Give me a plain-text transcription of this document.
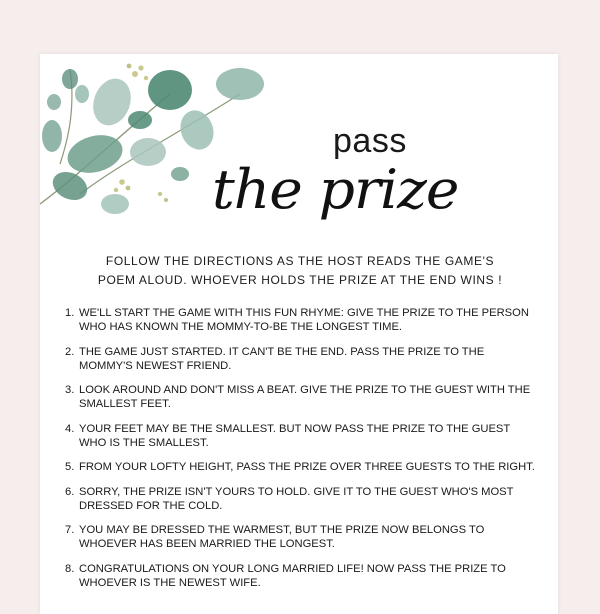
pass
the prize

FOLLOW THE DIRECTIONS AS THE HOST READS THE GAME'S

POEM ALOUD. WHOEVER HOLDS THE PRIZE AT THE END WINS !

1. WE'LL START THE GAME WITH THIS FUN RHYME: GIVE THE PRIZE TO THE PERSON WHO HAS KNOWN THE MOMMY-TO-BE THE LONGEST TIME.
2. THE GAME JUST STARTED. IT CAN'T BE THE END. PASS THE PRIZE TO THE MOMMY'S NEWEST FRIEND.
3. LOOK AROUND AND DON'T MISS A BEAT. GIVE THE PRIZE TO THE GUEST WITH THE SMALLEST FEET.
4. YOUR FEET MAY BE THE SMALLEST. BUT NOW PASS THE PRIZE TO THE GUEST WHO IS THE SMALLEST.
5. FROM YOUR LOFTY HEIGHT, PASS THE PRIZE OVER THREE GUESTS TO THE RIGHT.
6. SORRY, THE PRIZE ISN'T YOURS TO HOLD. GIVE IT TO THE GUEST WHO'S MOST DRESSED FOR THE COLD.
7. YOU MAY BE DRESSED THE WARMEST, BUT THE PRIZE NOW BELONGS TO WHOEVER HAS BEEN MARRIED THE LONGEST.
8. CONGRATULATIONS ON YOUR LONG MARRIED LIFE! NOW PASS THE PRIZE TO WHOEVER IS THE NEWEST WIFE.
